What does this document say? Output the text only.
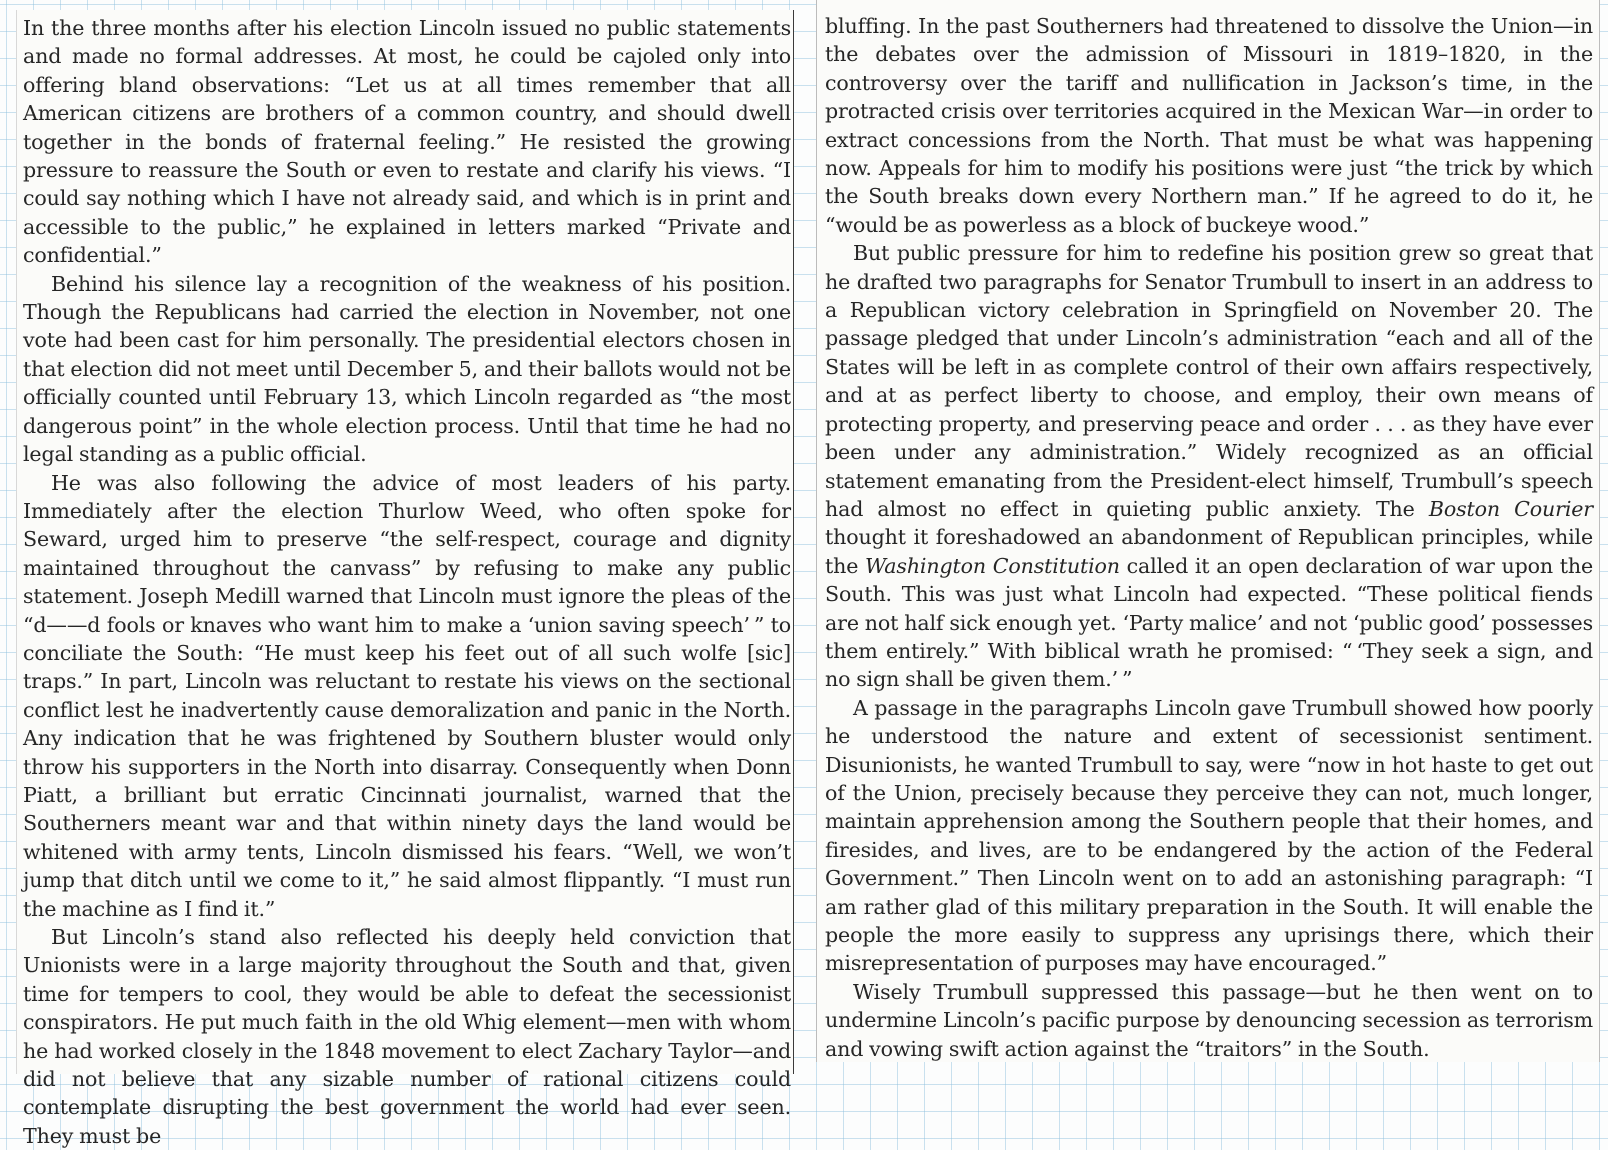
In the three months after his election Lincoln issued no public statements and made no formal addresses. At most, he could be cajoled only into offering bland observations: “Let us at all times remember that all American citizens are brothers of a common country, and should dwell together in the bonds of fraternal feeling.” He resisted the growing pressure to reassure the South or even to restate and clarify his views. “I could say nothing which I have not already said, and which is in print and accessible to the public,” he explained in letters marked “Private and confidential.”

Behind his silence lay a recognition of the weakness of his position. Though the Republicans had carried the election in November, not one vote had been cast for him personally. The presidential electors chosen in that election did not meet until December 5, and their ballots would not be officially counted until February 13, which Lincoln regarded as “the most dangerous point” in the whole election process. Until that time he had no legal standing as a public official.

He was also following the advice of most leaders of his party. Immediately after the election Thurlow Weed, who often spoke for Seward, urged him to preserve “the self-respect, courage and dignity maintained throughout the canvass” by refusing to make any public statement. Joseph Medill warned that Lincoln must ignore the pleas of the “d——d fools or knaves who want him to make a ‘union saving speech’ ” to conciliate the South: “He must keep his feet out of all such wolfe [sic] traps.” In part, Lincoln was reluctant to restate his views on the sectional conflict lest he inadvertently cause demoralization and panic in the North. Any indication that he was frightened by Southern bluster would only throw his supporters in the North into disarray. Consequently when Donn Piatt, a brilliant but erratic Cincinnati journalist, warned that the Southerners meant war and that within ninety days the land would be whitened with army tents, Lincoln dismissed his fears. “Well, we won’t jump that ditch until we come to it,” he said almost flippantly. “I must run the machine as I find it.”

But Lincoln’s stand also reflected his deeply held conviction that Unionists were in a large majority throughout the South and that, given time for tempers to cool, they would be able to defeat the secessionist conspirators. He put much faith in the old Whig element—men with whom he had worked closely in the 1848 movement to elect Zachary Taylor—and did not believe that any sizable number of rational citizens could contemplate disrupting the best government the world had ever seen. They must be

bluffing. In the past Southerners had threatened to dissolve the Union—in the debates over the admission of Missouri in 1819–1820, in the controversy over the tariff and nullification in Jackson’s time, in the protracted crisis over territories acquired in the Mexican War—in order to extract concessions from the North. That must be what was happening now. Appeals for him to modify his positions were just “the trick by which the South breaks down every Northern man.” If he agreed to do it, he “would be as powerless as a block of buckeye wood.”

But public pressure for him to redefine his position grew so great that he drafted two paragraphs for Senator Trumbull to insert in an address to a Republican victory celebration in Springfield on November 20. The passage pledged that under Lincoln’s administration “each and all of the States will be left in as complete control of their own affairs respectively, and at as perfect liberty to choose, and employ, their own means of protecting property, and preserving peace and order . . . as they have ever been under any administration.” Widely recognized as an official statement emanating from the President-elect himself, Trumbull’s speech had almost no effect in quieting public anxiety. The Boston Courier thought it foreshadowed an abandonment of Republican principles, while the Washington Constitution called it an open declaration of war upon the South. This was just what Lincoln had expected. “These political fiends are not half sick enough yet. ‘Party malice’ and not ‘public good’ possesses them entirely.” With biblical wrath he promised: “ ‘They seek a sign, and no sign shall be given them.’ ”

A passage in the paragraphs Lincoln gave Trumbull showed how poorly he understood the nature and extent of secessionist sentiment. Disunionists, he wanted Trumbull to say, were “now in hot haste to get out of the Union, precisely because they perceive they can not, much longer, maintain apprehension among the Southern people that their homes, and firesides, and lives, are to be endangered by the action of the Federal Government.” Then Lincoln went on to add an astonishing paragraph: “I am rather glad of this military preparation in the South. It will enable the people the more easily to suppress any uprisings there, which their misrepresentation of purposes may have encouraged.”

Wisely Trumbull suppressed this passage—but he then went on to undermine Lincoln’s pacific purpose by denouncing secession as terrorism and vowing swift action against the “traitors” in the South.
